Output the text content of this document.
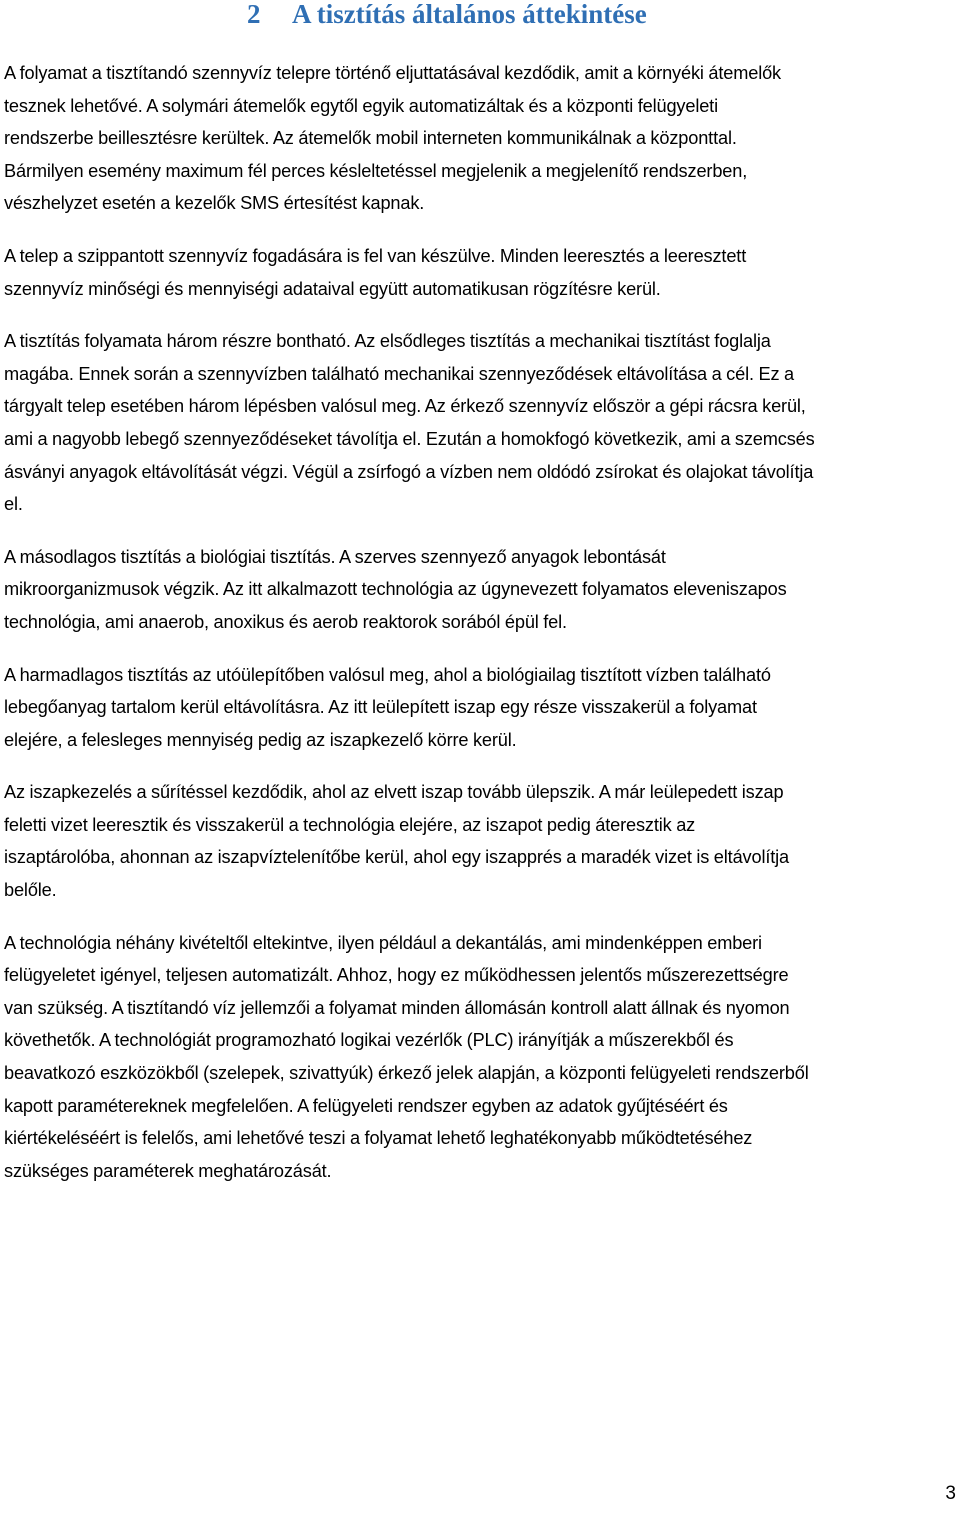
2 A tisztítás általános áttekintése

A folyamat a tisztítandó szennyvíz telepre történő eljuttatásával kezdődik, amit a környéki átemelők
tesznek lehetővé. A solymári átemelők egytől egyik automatizáltak és a központi felügyeleti
rendszerbe beillesztésre kerültek. Az átemelők mobil interneten kommunikálnak a központtal.
Bármilyen esemény maximum fél perces késleltetéssel megjelenik a megjelenítő rendszerben,
vészhelyzet esetén a kezelők SMS értesítést kapnak.

A telep a szippantott szennyvíz fogadására is fel van készülve. Minden leeresztés a leeresztett
szennyvíz minőségi és mennyiségi adataival együtt automatikusan rögzítésre kerül.

A tisztítás folyamata három részre bontható. Az elsődleges tisztítás a mechanikai tisztítást foglalja
magába. Ennek során a szennyvízben található mechanikai szennyeződések eltávolítása a cél. Ez a
tárgyalt telep esetében három lépésben valósul meg. Az érkező szennyvíz először a gépi rácsra kerül,
ami a nagyobb lebegő szennyeződéseket távolítja el. Ezután a homokfogó következik, ami a szemcsés
ásványi anyagok eltávolítását végzi. Végül a zsírfogó a vízben nem oldódó zsírokat és olajokat távolítja
el.

A másodlagos tisztítás a biológiai tisztítás. A szerves szennyező anyagok lebontását
mikroorganizmusok végzik. Az itt alkalmazott technológia az úgynevezett folyamatos eleveniszapos
technológia, ami anaerob, anoxikus és aerob reaktorok sorából épül fel.

A harmadlagos tisztítás az utóülepítőben valósul meg, ahol a biológiailag tisztított vízben található
lebegőanyag tartalom kerül eltávolításra. Az itt leülepített iszap egy része visszakerül a folyamat
elejére, a felesleges mennyiség pedig az iszapkezelő körre kerül.

Az iszapkezelés a sűrítéssel kezdődik, ahol az elvett iszap tovább ülepszik. A már leülepedett iszap
feletti vizet leeresztik és visszakerül a technológia elejére, az iszapot pedig áteresztik az
iszaptárolóba, ahonnan az iszapvíztelenítőbe kerül, ahol egy iszapprés a maradék vizet is eltávolítja
belőle.

A technológia néhány kivételtől eltekintve, ilyen például a dekantálás, ami mindenképpen emberi
felügyeletet igényel, teljesen automatizált. Ahhoz, hogy ez működhessen jelentős műszerezettségre
van szükség. A tisztítandó víz jellemzői a folyamat minden állomásán kontroll alatt állnak és nyomon
követhetők. A technológiát programozható logikai vezérlők (PLC) irányítják a műszerekből és
beavatkozó eszközökből (szelepek, szivattyúk) érkező jelek alapján, a központi felügyeleti rendszerből
kapott paramétereknek megfelelően. A felügyeleti rendszer egyben az adatok gyűjtéséért és
kiértékeléséért is felelős, ami lehetővé teszi a folyamat lehető leghatékonyabb működtetéséhez
szükséges paraméterek meghatározását.

3
